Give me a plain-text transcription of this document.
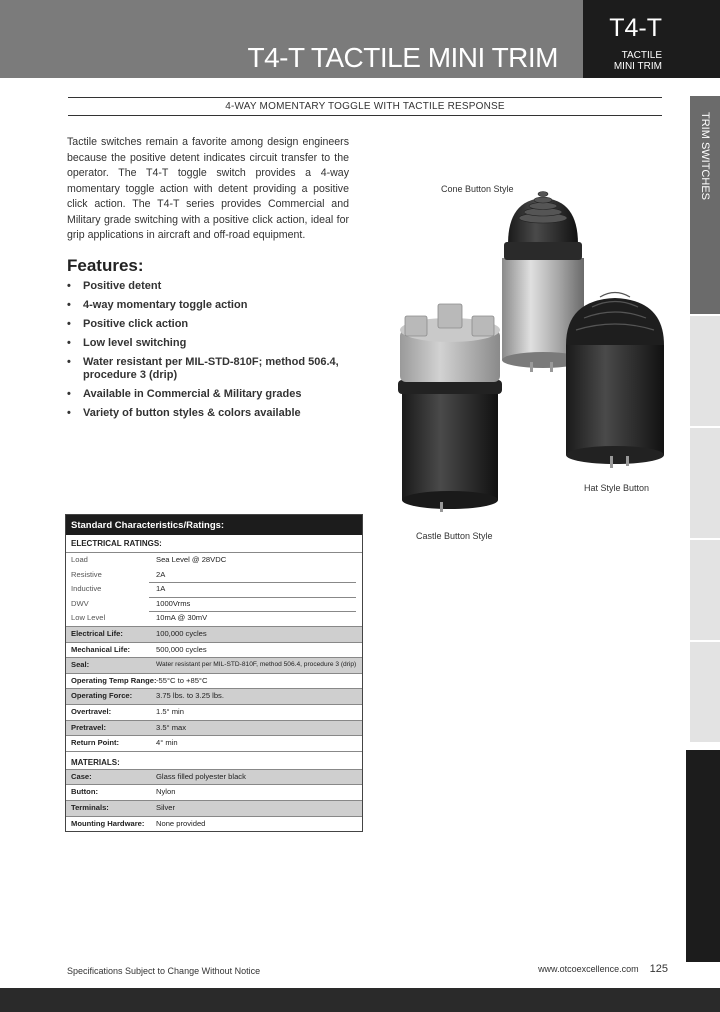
T4-T TACTILE MINI TRIM
T4-T
TACTILE
MINI TRIM
4-WAY MOMENTARY TOGGLE WITH TACTILE RESPONSE
TRIM SWITCHES
Tactile switches remain a favorite among design engineers because the positive detent indicates circuit transfer to the operator. The T4-T toggle switch provides a 4-way momentary toggle action with detent providing a positive click action. The T4-T series provides Commercial and Military grade switching with a positive click action, ideal for grip applications in aircraft and off-road equipment.
Features:
• Positive detent
• 4-way momentary toggle action
• Positive click action
• Low level switching
• Water resistant per MIL-STD-810F; method 506.4, procedure 3 (drip)
• Available in Commercial & Military grades
• Variety of button styles & colors available
Cone Button Style
Hat Style Button
Castle Button Style
Standard Characteristics/Ratings:
ELECTRICAL RATINGS:
Load	Sea Level @ 28VDC
Resistive	2A
Inductive	1A
DWV	1000Vrms
Low Level	10mA @ 30mV
Electrical Life:	100,000 cycles
Mechanical Life:	500,000 cycles
Seal:	Water resistant per MIL-STD-810F, method 506.4, procedure 3 (drip)
Operating Temp Range: -55°C to +85°C
Operating Force:	3.75 lbs. to 3.25 lbs.
Overtravel:	1.5° min
Pretravel:	3.5° max
Return Point:	4° min
MATERIALS:
Case:	Glass filled polyester black
Button:	Nylon
Terminals:	Silver
Mounting Hardware: None provided
Specifications Subject to Change Without Notice	www.otcoexcellence.com 125
